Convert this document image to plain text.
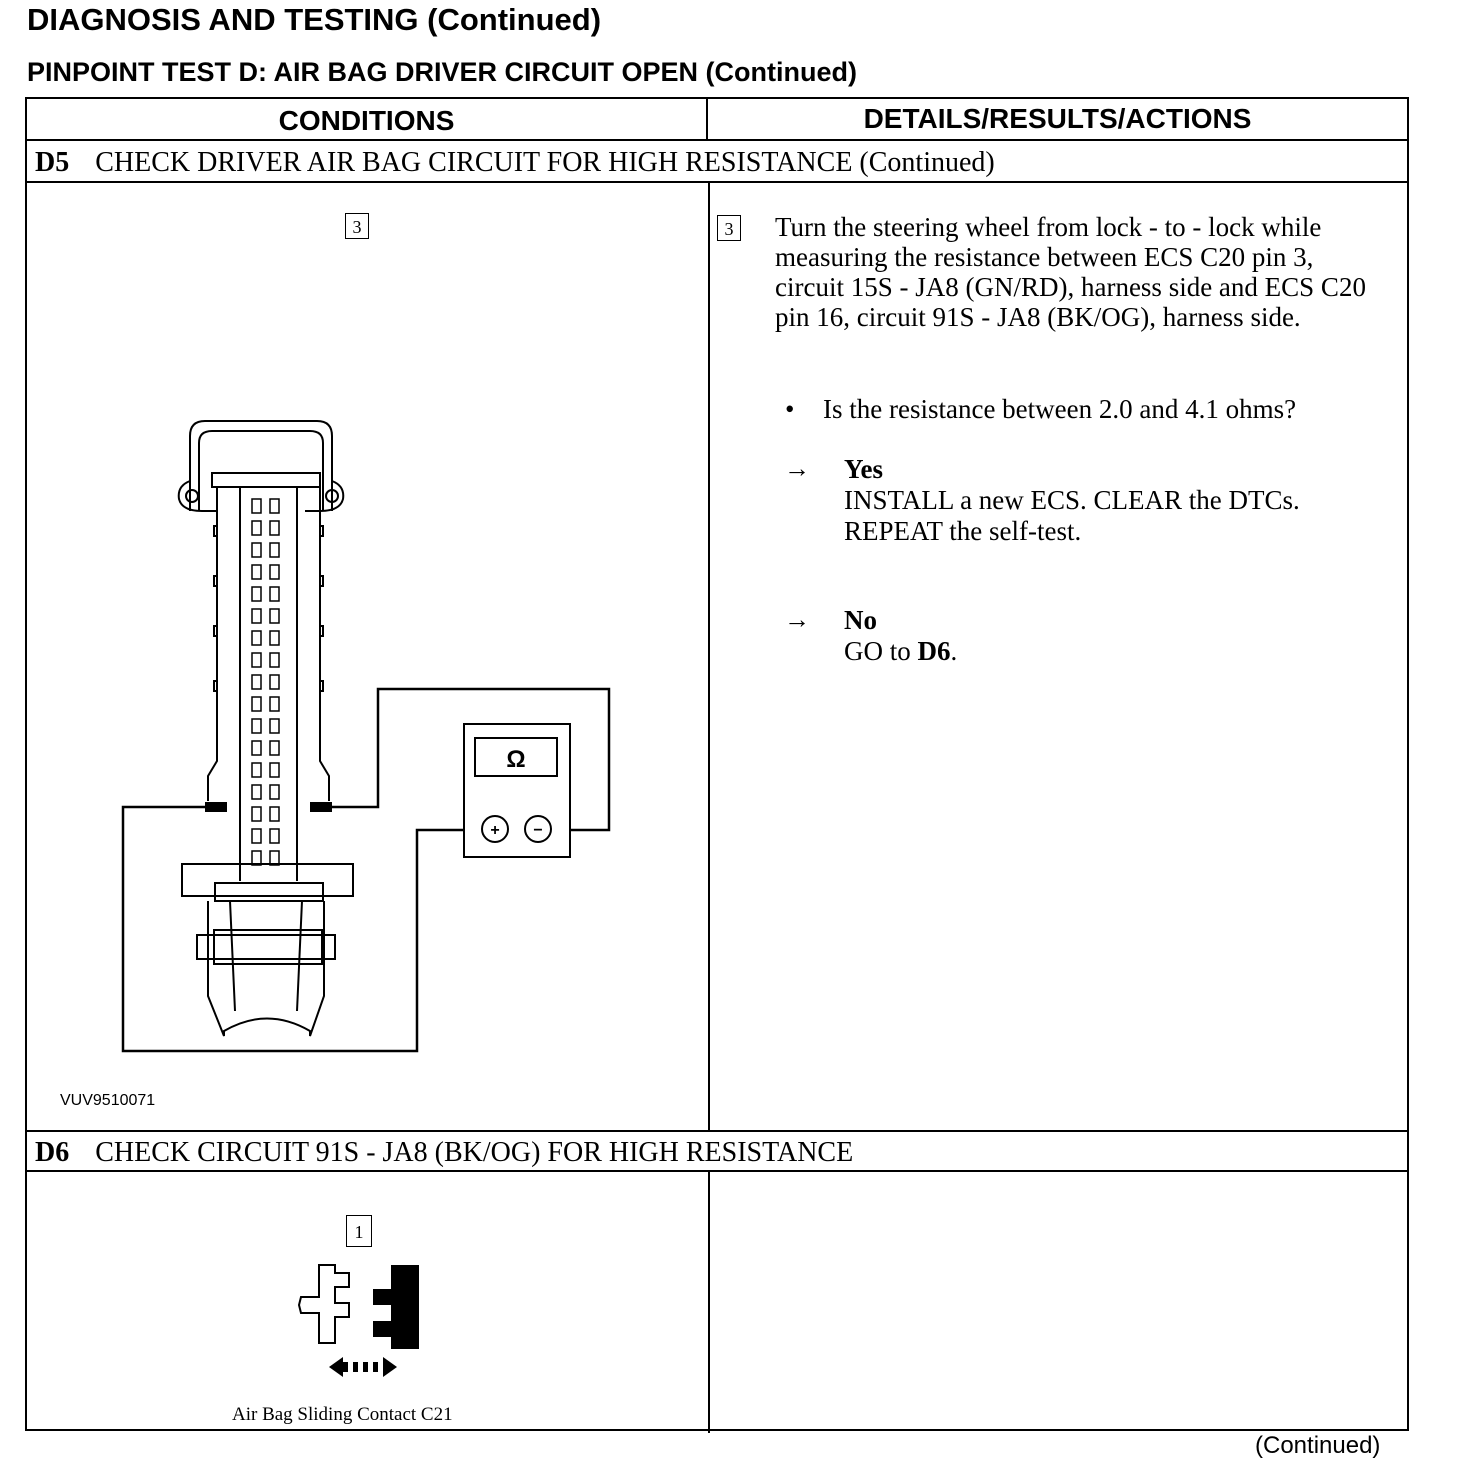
DIAGNOSIS AND TESTING (Continued)
PINPOINT TEST D: AIR BAG DRIVER CIRCUIT OPEN (Continued)
CONDITIONS	DETAILS/RESULTS/ACTIONS
D5 CHECK DRIVER AIR BAG CIRCUIT FOR HIGH RESISTANCE (Continued)
3
Ω
+ −
VUV9510071
3 Turn the steering wheel from lock - to - lock while measuring the resistance between ECS C20 pin 3, circuit 15S - JA8 (GN/RD), harness side and ECS C20 pin 16, circuit 91S - JA8 (BK/OG), harness side.
• Is the resistance between 2.0 and 4.1 ohms?
→ Yes
INSTALL a new ECS. CLEAR the DTCs.
REPEAT the self-test.
→ No
GO to D6.
D6 CHECK CIRCUIT 91S - JA8 (BK/OG) FOR HIGH RESISTANCE
1
Air Bag Sliding Contact C21
(Continued)
